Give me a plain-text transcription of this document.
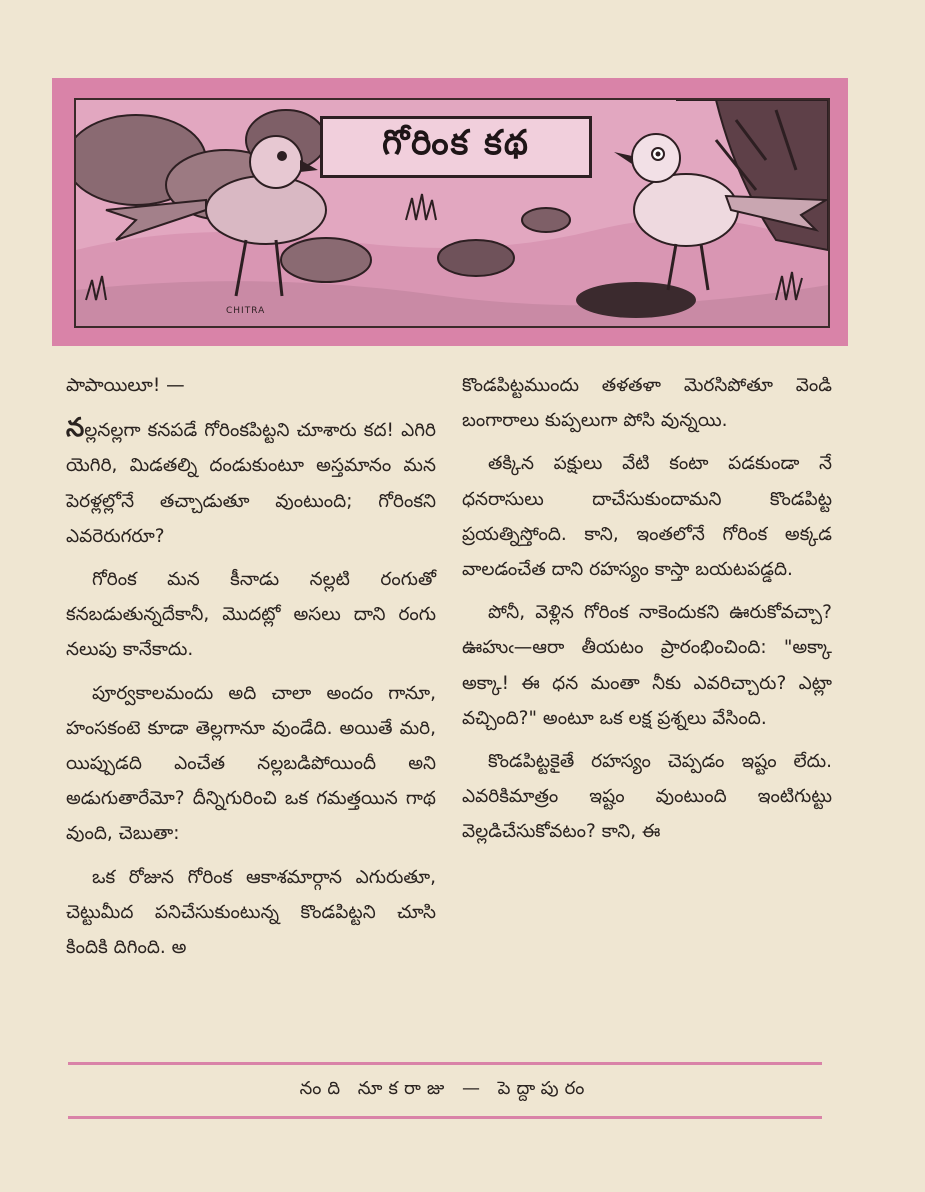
గోరింక కథ
CHITRA

పాపాయిలూ! —

నల్లనల్లగా కనపడే గోరింకపిట్టని చూశారు కద! ఎగిరి యెగిరి, మిడతల్ని దండుకుంటూ అస్తమానం మన పెరళ్లల్లోనే తచ్చాడుతూ వుంటుంది; గోరింకని ఎవరెరుగరూ?

గోరింక మన కీనాడు నల్లటి రంగుతో కనబడుతున్నదేకానీ, మొదట్లో అసలు దాని రంగు నలుపు కానేకాదు.

పూర్వకాలమందు అది చాలా అందం గానూ, హంసకంటె కూడా తెల్లగానూ వుండేది. అయితే మరి, యిప్పుడది ఎంచేత నల్లబడిపోయిందీ అని అడుగుతారేమో? దీన్నిగురించి ఒక గమత్తయిన గాథ వుంది, చెబుతా:

ఒక రోజున గోరింక ఆకాశమార్గాన ఎగురుతూ, చెట్టుమీద పనిచేసుకుంటున్న కొండపిట్టని చూసి కిందికి దిగింది. అ

కొండపిట్టముందు తళతళా మెరసిపోతూ వెండి బంగారాలు కుప్పలుగా పోసి వున్నయి.

తక్కిన పక్షులు వేటి కంటా పడకుండా నే ధనరాసులు దాచేసుకుందామని కొండపిట్ట ప్రయత్నిస్తోంది. కాని, ఇంతలోనే గోరింక అక్కడ వాలడంచేత దాని రహస్యం కాస్తా బయటపడ్డది.

పోనీ, వెళ్లిన గోరింక నాకెందుకని ఊరుకోవచ్చా? ఊహుఁ—ఆరా తీయటం ప్రారంభించింది: "అక్కా అక్కా! ఈ ధన మంతా నీకు ఎవరిచ్చారు? ఎట్లా వచ్చింది?" అంటూ ఒక లక్ష ప్రశ్నలు వేసింది.

కొండపిట్టకైతే రహస్యం చెప్పడం ఇష్టం లేదు. ఎవరికిమాత్రం ఇష్టం వుంటుంది ఇంటిగుట్టు వెల్లడిచేసుకోవటం? కాని, ఈ

నంది నూకరాజు — పెద్దాపురం
